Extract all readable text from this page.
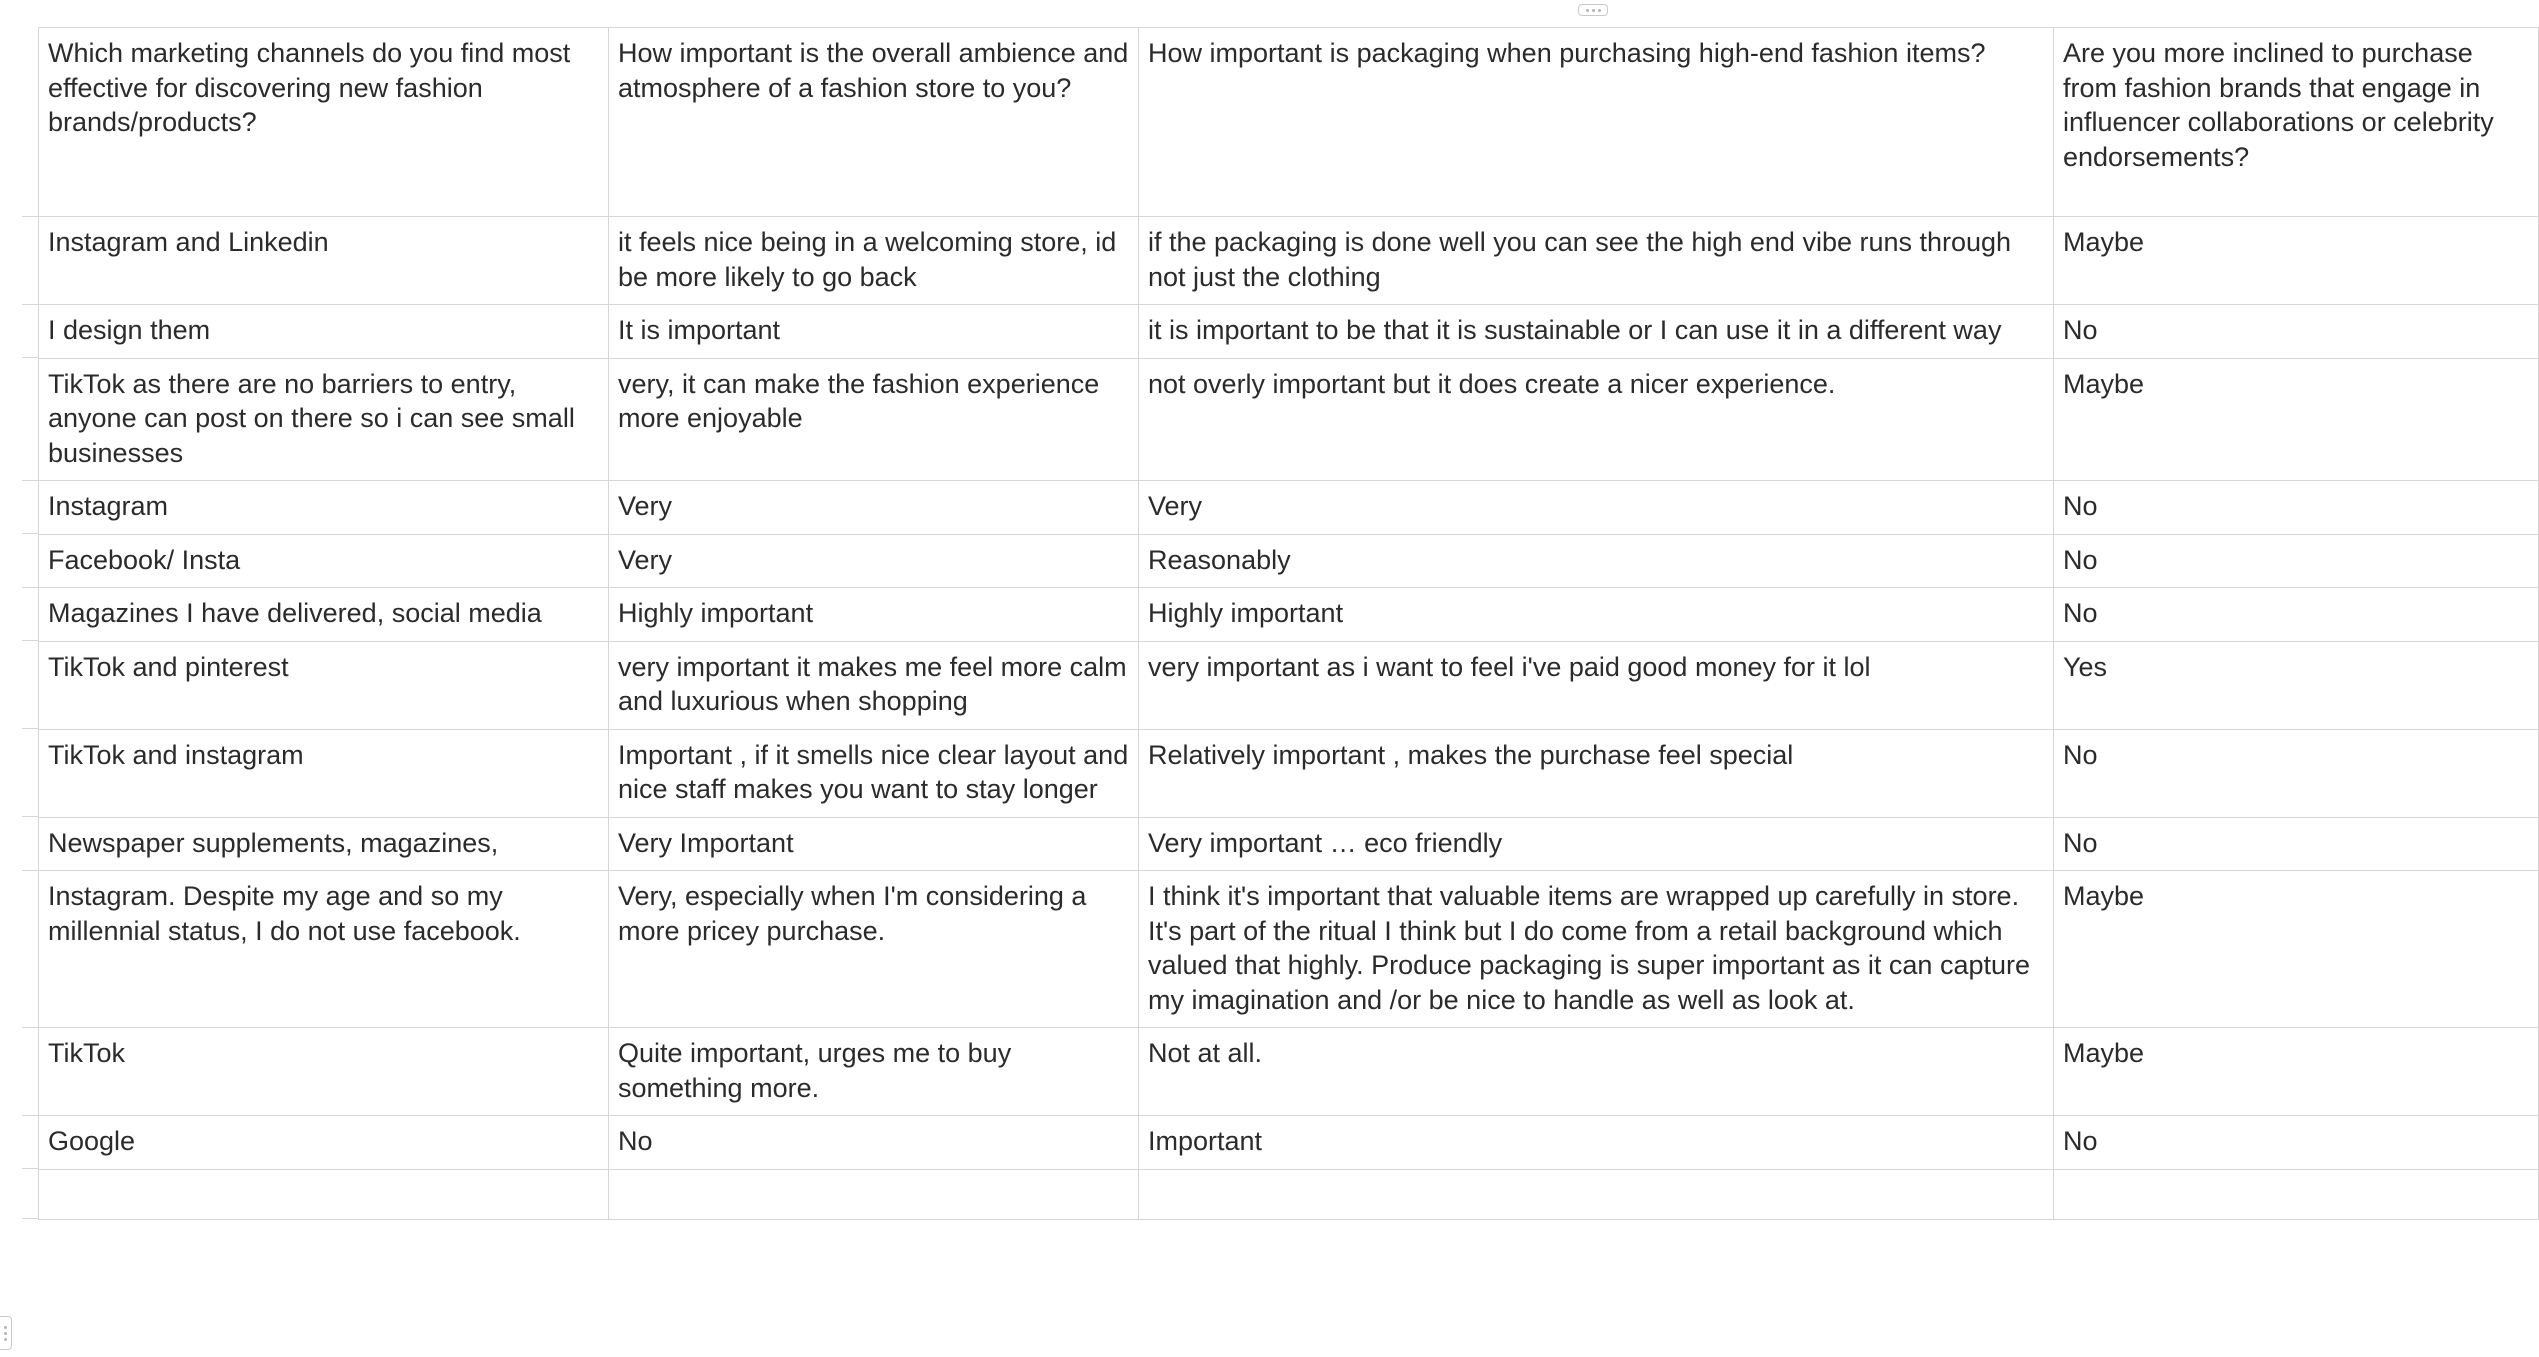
Which marketing channels do you find most effective for discovering new fashion brands/products?	How important is the overall ambience and atmosphere of a fashion store to you?	How important is packaging when purchasing high-end fashion items?	Are you more inclined to purchase from fashion brands that engage in influencer collaborations or celebrity endorsements?
Instagram and Linkedin	it feels nice being in a welcoming store, id be more likely to go back	if the packaging is done well you can see the high end vibe runs through not just the clothing	Maybe
I design them	It is important	it is important to be that it is sustainable or I can use it in a different way	No
TikTok as there are no barriers to entry, anyone can post on there so i can see small businesses	very, it can make the fashion experience more enjoyable	not overly important but it does create a nicer experience.	Maybe
Instagram	Very	Very	No
Facebook/ Insta	Very	Reasonably	No
Magazines I have delivered, social media	Highly important	Highly important	No
TikTok and pinterest	very important it makes me feel more calm and luxurious when shopping	very important as i want to feel i've paid good money for it lol	Yes
TikTok and instagram	Important , if it smells nice clear layout and nice staff makes you want to stay longer	Relatively important , makes the purchase feel special	No
Newspaper supplements, magazines,	Very Important	Very important … eco friendly	No
Instagram. Despite my age and so my millennial status, I do not use facebook.	Very, especially when I'm considering a more pricey purchase.	I think it's important that valuable items are wrapped up carefully in store. It's part of the ritual I think but I do come from a retail background which valued that highly. Produce packaging is super important as it can capture my imagination and /or be nice to handle as well as look at.	Maybe
TikTok	Quite important, urges me to buy something more.	Not at all.	Maybe
Google	No	Important	No
